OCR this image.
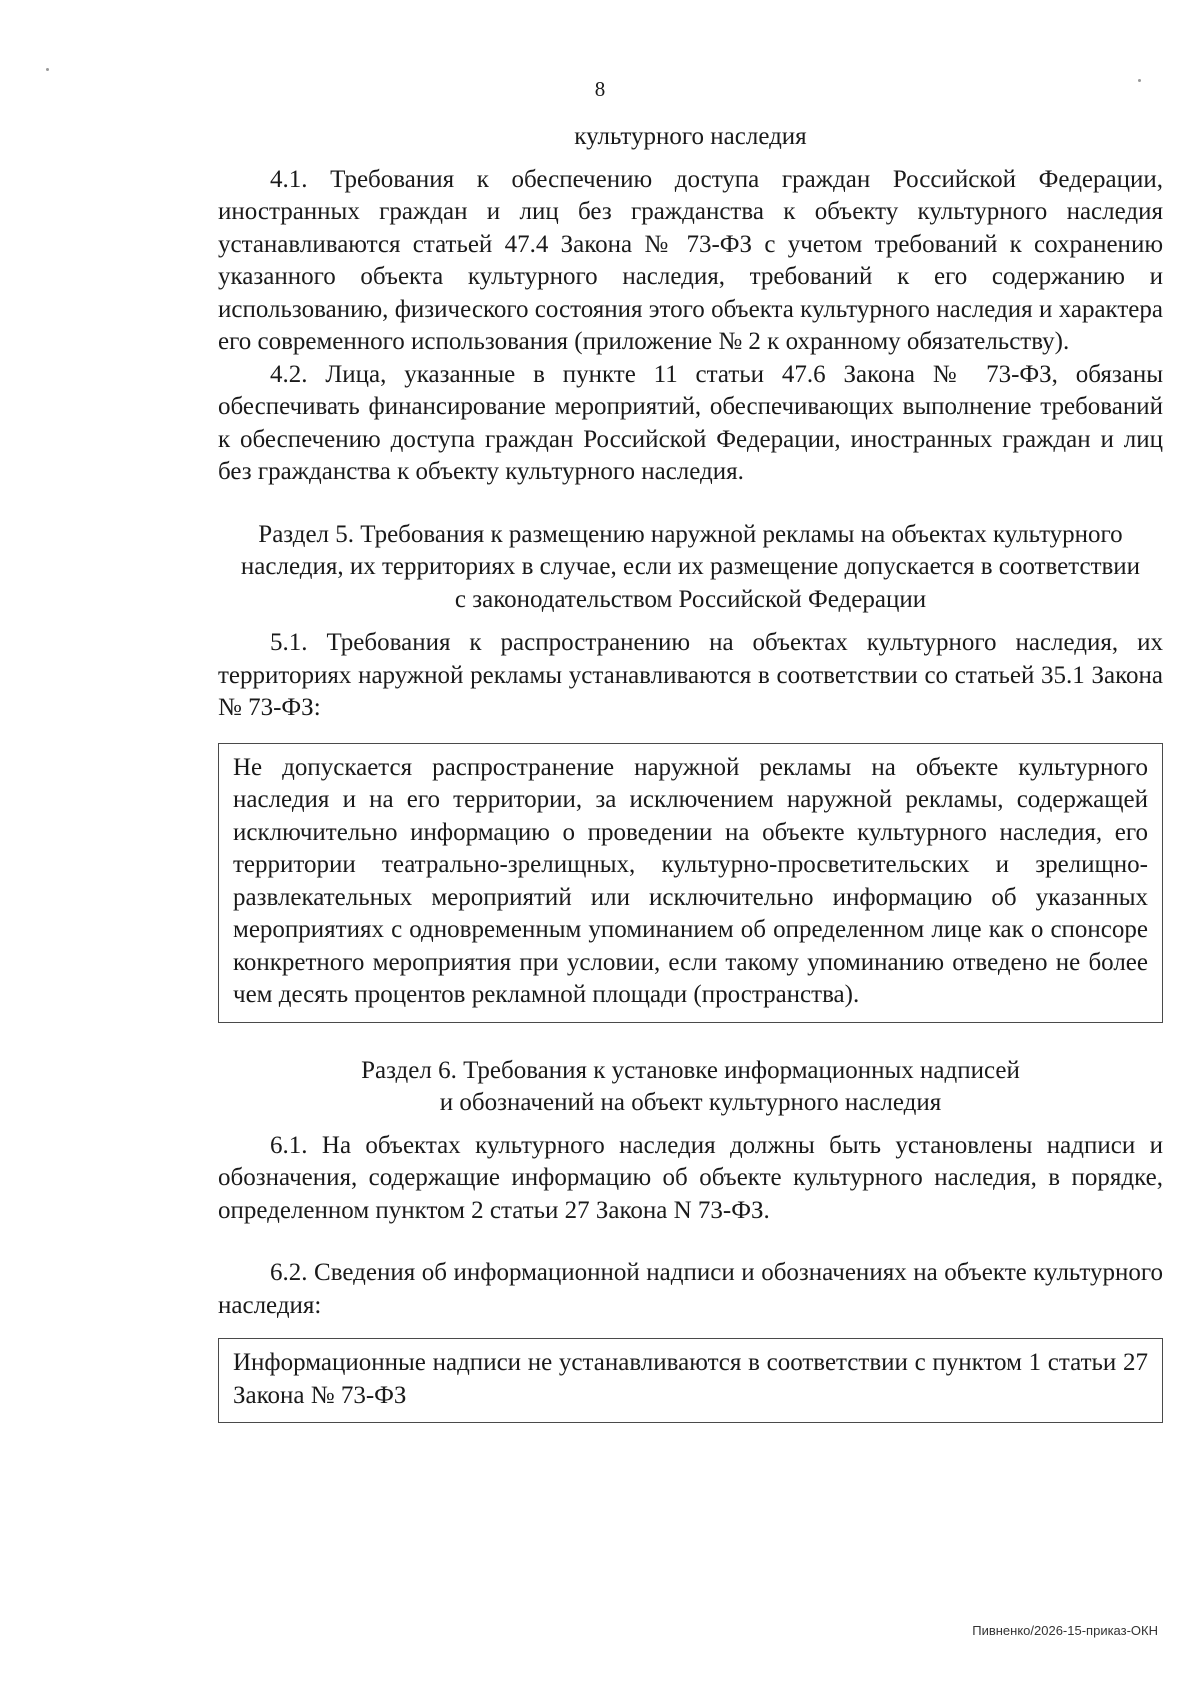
8

культурного наследия

4.1. Требования к обеспечению доступа граждан Российской Федерации, иностранных граждан и лиц без гражданства к объекту культурного наследия устанавливаются статьей 47.4 Закона № 73-ФЗ с учетом требований к сохранению указанного объекта культурного наследия, требований к его содержанию и использованию, физического состояния этого объекта культурного наследия и характера его современного использования (приложение № 2 к охранному обязательству).

4.2. Лица, указанные в пункте 11 статьи 47.6 Закона № 73-ФЗ, обязаны обеспечивать финансирование мероприятий, обеспечивающих выполнение требований к обеспечению доступа граждан Российской Федерации, иностранных граждан и лиц без гражданства к объекту культурного наследия.

Раздел 5. Требования к размещению наружной рекламы на объектах культурного наследия, их территориях в случае, если их размещение допускается в соответствии с законодательством Российской Федерации

5.1. Требования к распространению на объектах культурного наследия, их территориях наружной рекламы устанавливаются в соответствии со статьей 35.1 Закона № 73-ФЗ:

Не допускается распространение наружной рекламы на объекте культурного наследия и на его территории, за исключением наружной рекламы, содержащей исключительно информацию о проведении на объекте культурного наследия, его территории театрально-зрелищных, культурно-просветительских и зрелищно-развлекательных мероприятий или исключительно информацию об указанных мероприятиях с одновременным упоминанием об определенном лице как о спонсоре конкретного мероприятия при условии, если такому упоминанию отведено не более чем десять процентов рекламной площади (пространства).

Раздел 6. Требования к установке информационных надписей
и обозначений на объект культурного наследия

6.1. На объектах культурного наследия должны быть установлены надписи и обозначения, содержащие информацию об объекте культурного наследия, в порядке, определенном пунктом 2 статьи 27 Закона N 73-ФЗ.

6.2. Сведения об информационной надписи и обозначениях на объекте культурного наследия:

Информационные надписи не устанавливаются в соответствии с пунктом 1 статьи 27 Закона № 73-ФЗ
Пивненко/2026-15-приказ-ОКН
